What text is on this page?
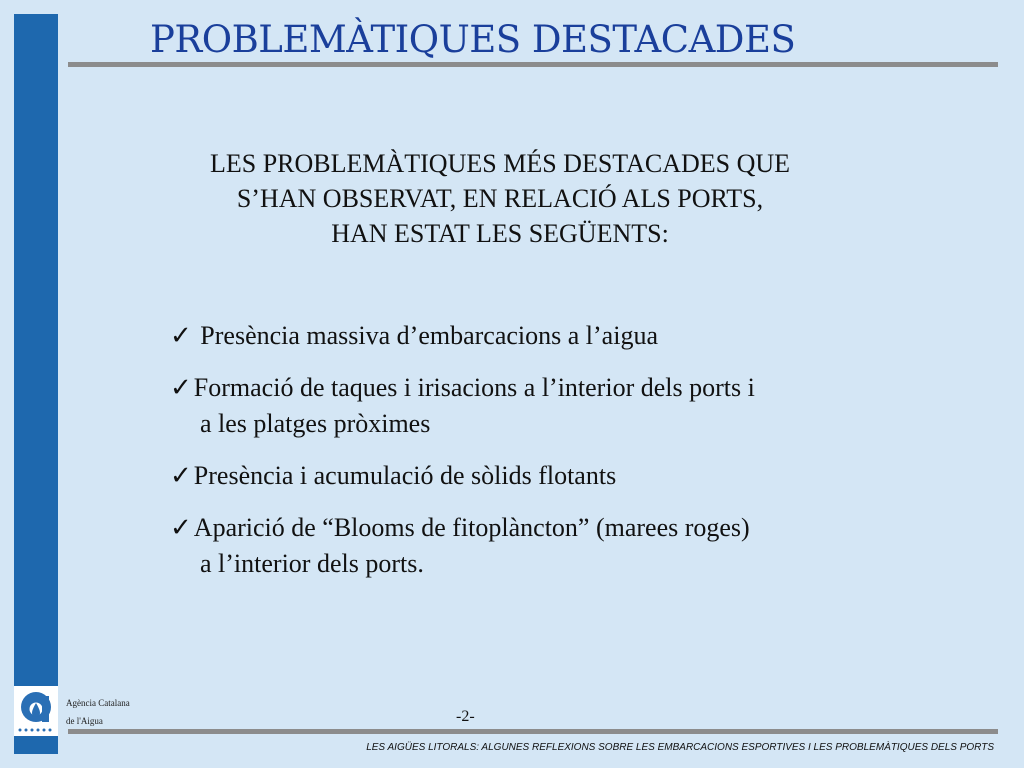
PROBLEMÀTIQUES DESTACADES
LES PROBLEMÀTIQUES MÉS DESTACADES QUE
S’HAN OBSERVAT, EN RELACIÓ ALS PORTS,
HAN ESTAT LES SEGÜENTS:
✓ Presència massiva d’embarcacions a l’aigua
✓Formació de taques i irisacions a l’interior dels ports i
a les platges pròximes
✓Presència i acumulació de sòlids flotants
✓Aparició de “Blooms de fitoplàncton” (marees roges)
a l’interior dels ports.
Agència Catalana
de l'Aigua	-2-
LES AIGÜES LITORALS: ALGUNES REFLEXIONS SOBRE LES EMBARCACIONS ESPORTIVES I LES PROBLEMÀTIQUES DELS PORTS
